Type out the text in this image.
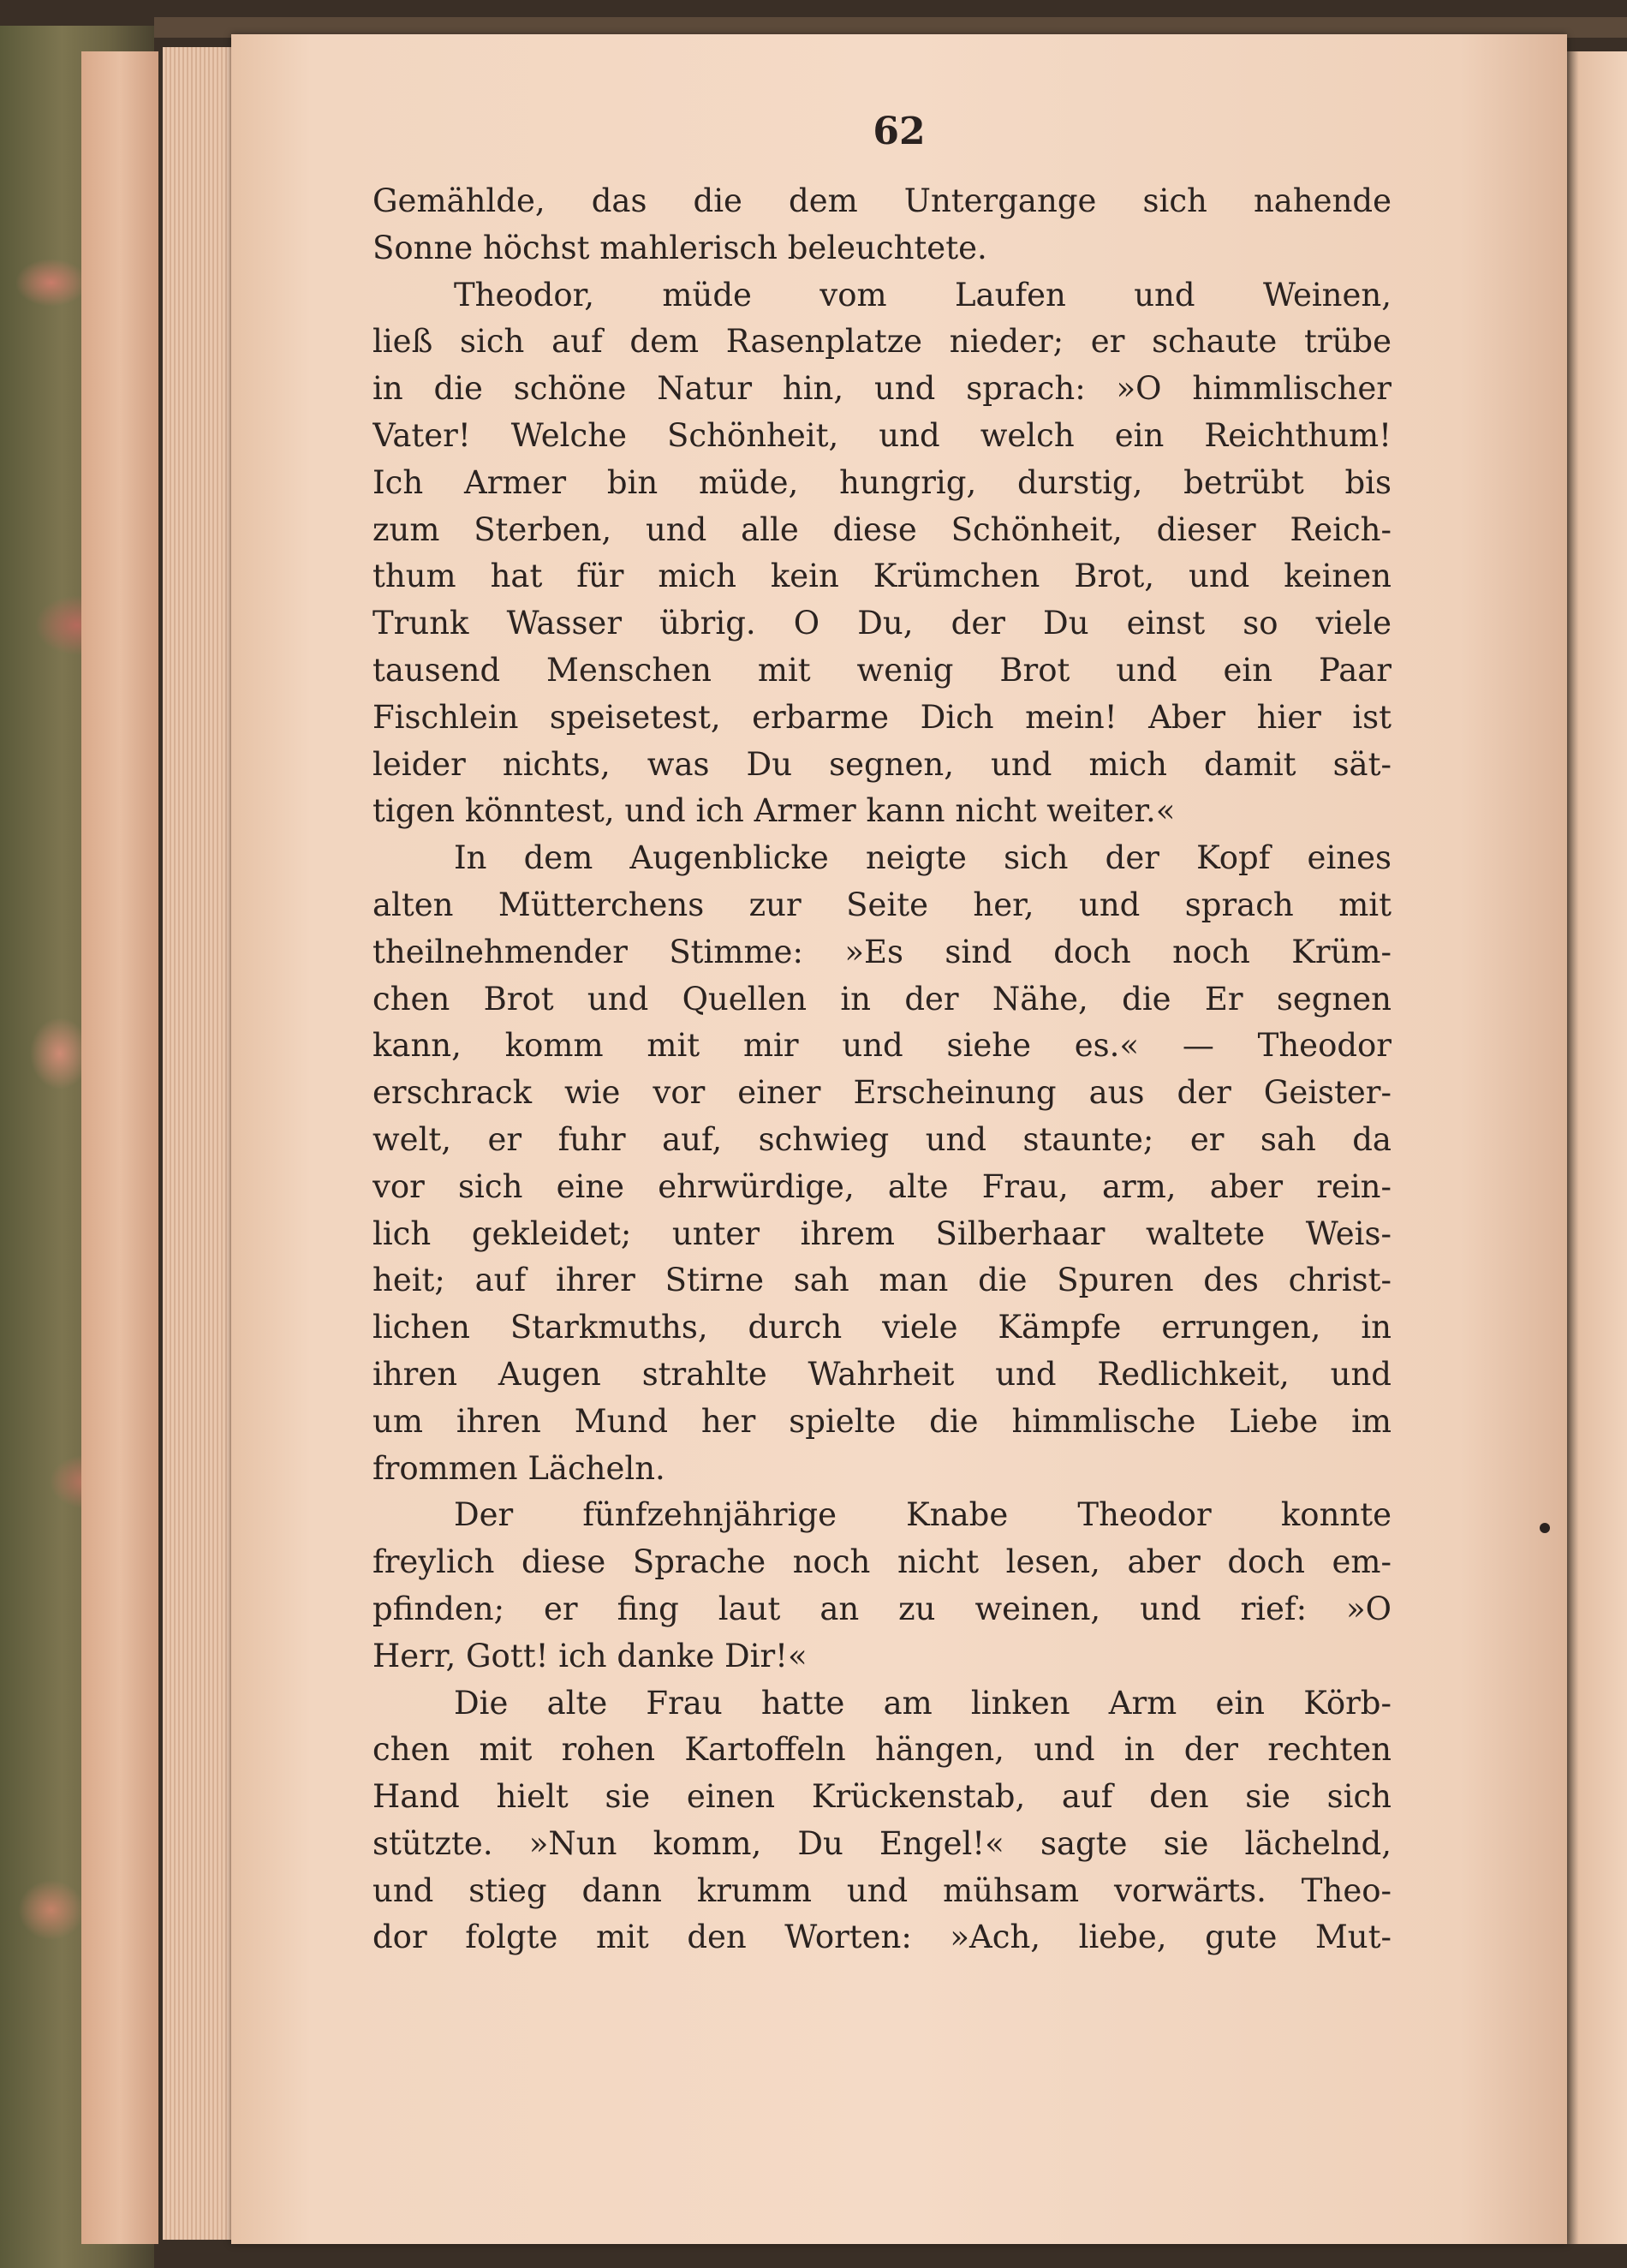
62
Gemählde, das die dem Untergange sich nahende
Sonne höchst mahlerisch beleuchtete.
Theodor, müde vom Laufen und Weinen,
ließ sich auf dem Rasenplatze nieder; er schaute trübe
in die schöne Natur hin, und sprach: »O himmlischer
Vater! Welche Schönheit, und welch ein Reichthum!
Ich Armer bin müde, hungrig, durstig, betrübt bis
zum Sterben, und alle diese Schönheit, dieser Reich-
thum hat für mich kein Krümchen Brot, und keinen
Trunk Wasser übrig. O Du, der Du einst so viele
tausend Menschen mit wenig Brot und ein Paar
Fischlein speisetest, erbarme Dich mein! Aber hier ist
leider nichts, was Du segnen, und mich damit sät-
tigen könntest, und ich Armer kann nicht weiter.«
In dem Augenblicke neigte sich der Kopf eines
alten Mütterchens zur Seite her, und sprach mit
theilnehmender Stimme: »Es sind doch noch Krüm-
chen Brot und Quellen in der Nähe, die Er segnen
kann, komm mit mir und siehe es.« — Theodor
erschrack wie vor einer Erscheinung aus der Geister-
welt, er fuhr auf, schwieg und staunte; er sah da
vor sich eine ehrwürdige, alte Frau, arm, aber rein-
lich gekleidet; unter ihrem Silberhaar waltete Weis-
heit; auf ihrer Stirne sah man die Spuren des christ-
lichen Starkmuths, durch viele Kämpfe errungen, in
ihren Augen strahlte Wahrheit und Redlichkeit, und
um ihren Mund her spielte die himmlische Liebe im
frommen Lächeln.
Der fünfzehnjährige Knabe Theodor konnte
freylich diese Sprache noch nicht lesen, aber doch em-
pfinden; er fing laut an zu weinen, und rief: »O
Herr, Gott! ich danke Dir!«
Die alte Frau hatte am linken Arm ein Körb-
chen mit rohen Kartoffeln hängen, und in der rechten
Hand hielt sie einen Krückenstab, auf den sie sich
stützte. »Nun komm, Du Engel!« sagte sie lächelnd,
und stieg dann krumm und mühsam vorwärts. Theo-
dor folgte mit den Worten: »Ach, liebe, gute Mut-
